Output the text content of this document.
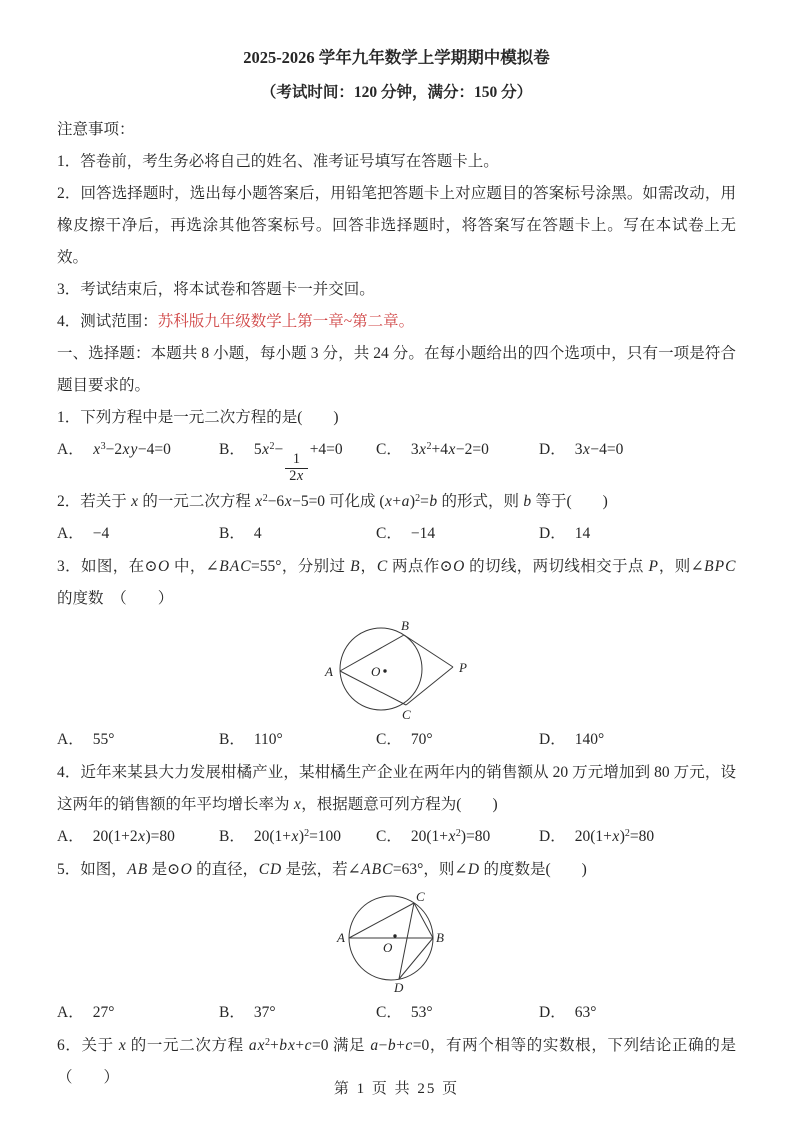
2025-2026 学年九年数学上学期期中模拟卷
（考试时间：120 分钟，满分：150 分）
注意事项：

1．答卷前，考生务必将自己的姓名、准考证号填写在答题卡上。

2．回答选择题时，选出每小题答案后，用铅笔把答题卡上对应题目的答案标号涂黑。如需改动，用橡皮擦干净后，再选涂其他答案标号。回答非选择题时，将答案写在答题卡上。写在本试卷上无效。

3．考试结束后，将本试卷和答题卡一并交回。

4．测试范围：苏科版九年级数学上第一章~第二章。

一、选择题：本题共 8 小题，每小题 3 分，共 24 分。在每小题给出的四个选项中，只有一项是符合题目要求的。

1．下列方程中是一元二次方程的是(　　)

A． $x^3-2xy-4=0$	B． $5x^2-$
$\frac{1}{2x}$
+4=0	C． $3x^2+4x-2=0$	D． 3x−4=0

2．若关于 x 的一元二次方程 $x^2-6x-5=0$ 可化成 $(x+a)^2=b$ 的形式，则 b 等于(　　)

A． −4	B． 4	C． −14	D． 14

3．如图，在⊙O 中，∠BAC=55°，分别过 B，C 两点作⊙O 的切线，两切线相交于点 P，则∠BPC 的度数　（　　）

A
B
C
O	P
A． 55°	B． 110°	C． 70°	D． 140°

4．近年来某县大力发展柑橘产业，某柑橘生产企业在两年内的销售额从 20 万元增加到 80 万元，设这两年的销售额的年平均增长率为 x，根据题意可列方程为(　　)

A． 20(1+2x)=80	B． $20(1+x)^2=100$	C． $20(1+x^2)=80$	D． $20(1+x)^2=80$

5．如图，AB 是⊙O 的直径，CD 是弦，若∠ABC=63°，则∠D 的度数是(　　)

A	B
C
D
O
A． 27°	B． 37°	C． 53°	D． 63°

6．关于 x 的一元二次方程 $ax^2+bx+c=0$ 满足 a−b+c=0，有两个相等的实数根，下列结论正确的是（　　）

第 1 页 共 25 页
